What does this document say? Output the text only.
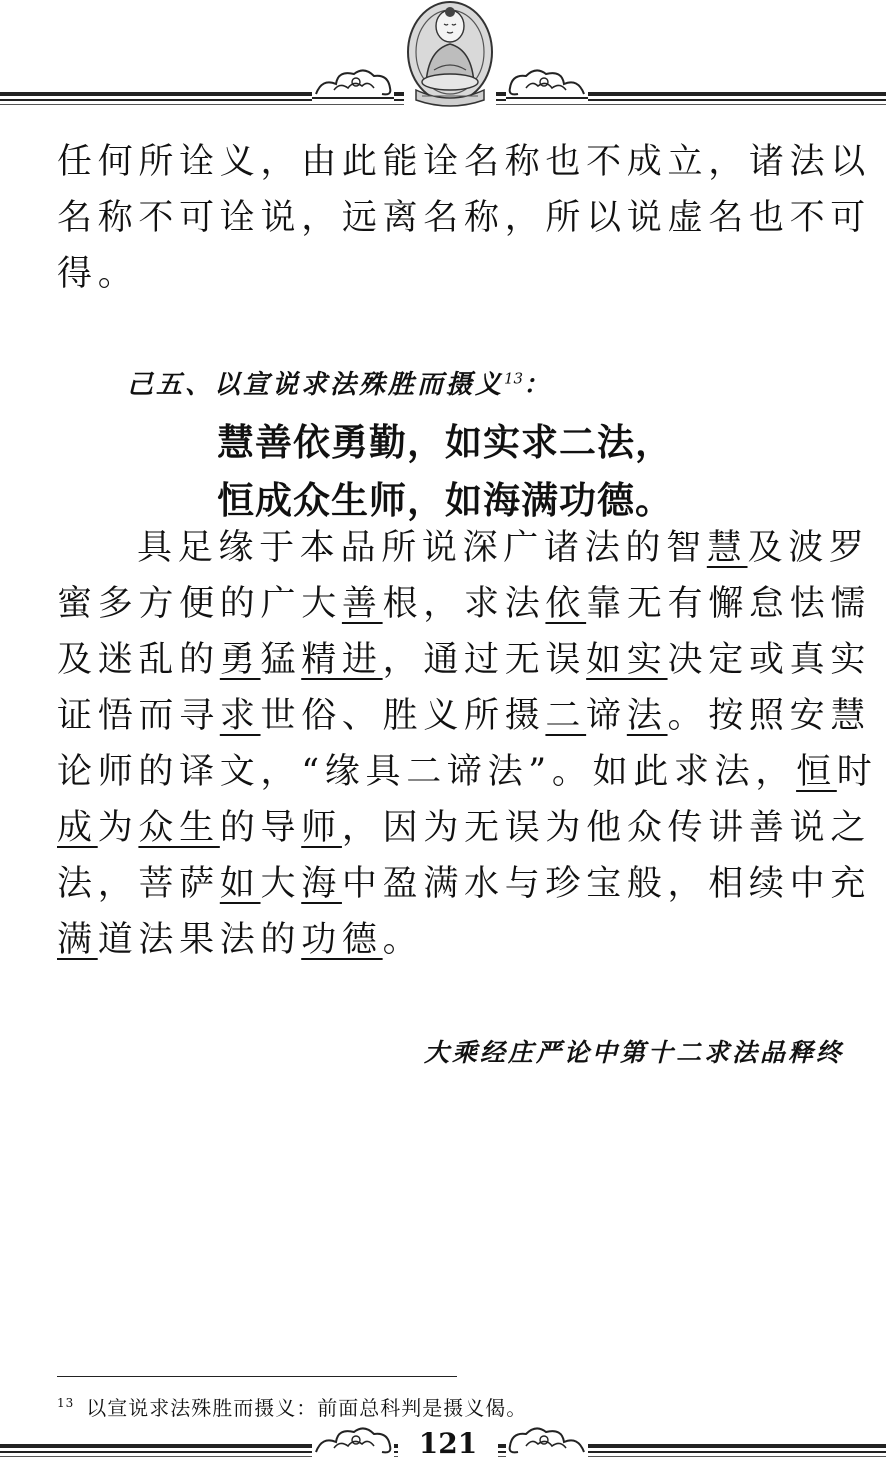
任何所诠义，由此能诠名称也不成立，诸法以
名称不可诠说，远离名称，所以说虚名也不可
得。
己五、以宣说求法殊胜而摄义$^{13}$：
慧善依勇勤，如实求二法，
恒成众生师，如海满功德。
具足缘于本品所说深广诸法的智慧及波罗
蜜多方便的广大善根，求法依靠无有懈怠怯懦
及迷乱的勇猛精进，通过无误如实决定或真实
证悟而寻求世俗、胜义所摄二谛法。按照安慧
论师的译文，“缘具二谛法”。如此求法，恒时
成为众生的导师，因为无误为他众传讲善说之
法，菩萨如大海中盈满水与珍宝般，相续中充
满道法果法的功德。
大乘经庄严论中第十二求法品释终
$^{13}$ 以宣说求法殊胜而摄义：前面总科判是摄义偈。
121
